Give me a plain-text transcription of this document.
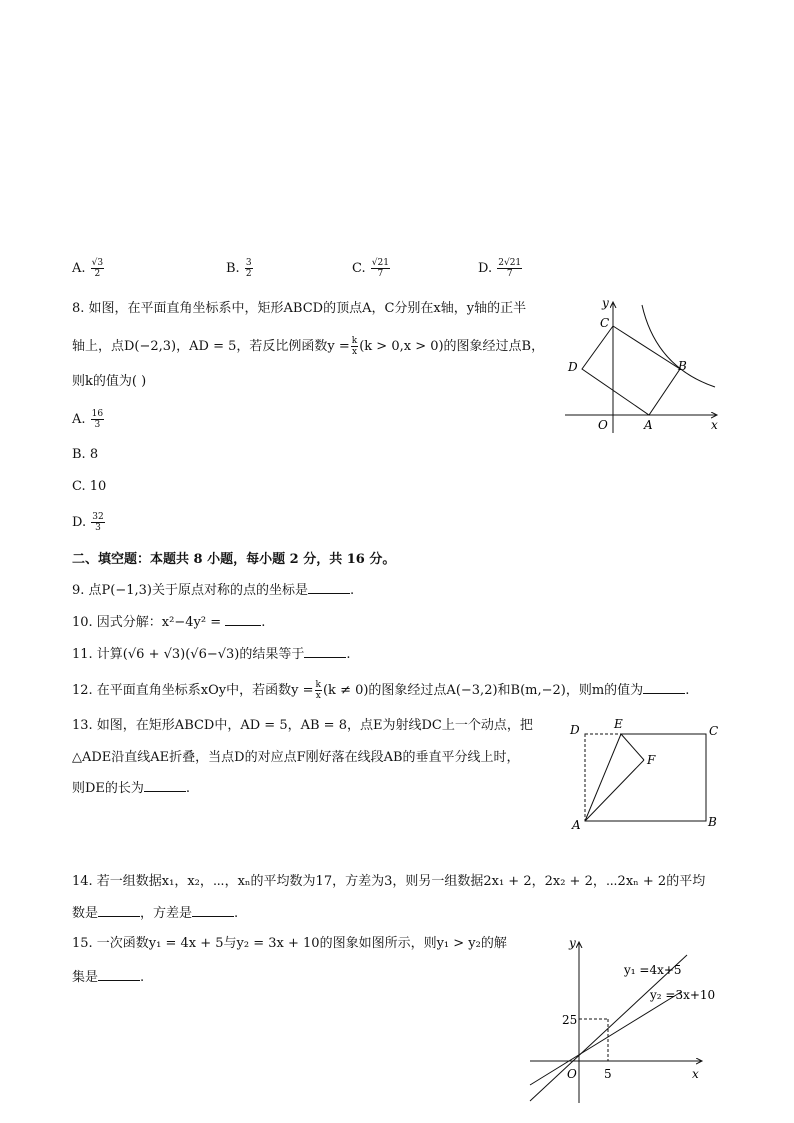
A. $\frac{√3}{2}$	B. $\frac{3}{2}$	C. $\frac{√21}{7}$	D. $\frac{2√21}{7}$
8. 如图，在平面直角坐标系中，矩形ABCD的顶点A，C分别在x轴，y轴的正半
轴上，点D(−2,3)，AD = 5，若反比例函数$y = \frac{k}{x} (k > 0,x > 0)$的图象经过点B，
则k的值为( )
A. $\frac{16}{3}$
B. 8
C. 10
D. $\frac{32}{3}$
y
C
D	B
O	A	x
二、填空题：本题共 8 小题，每小题 2 分，共 16 分。
9. 点P(−1,3)关于原点对称的点的坐标是	.
10. 因式分解：x²−4y² =	.
11. 计算(√6 + √3)(√6−√3)的结果等于	.
12. 在平面直角坐标系xOy中，若函数$y = \frac{k}{x} (k \ne 0)$的图象经过点A(−3,2)和B(m,−2)，则m的值为	.
13. 如图，在矩形ABCD中，AD = 5，AB = 8，点E为射线DC上一个动点，把
△ADE沿直线AE折叠，当点D的对应点F刚好落在线段AB的垂直平分线上时，
则DE的长为	.
D	E	C
F
A	B
14. 若一组数据x₁，x₂，⋯，xₙ的平均数为17，方差为3，则另一组数据2x₁ + 2，2x₂ + 2，⋯2xₙ + 2的平均
数是	，方差是	.
15. 一次函数y₁ = 4x + 5与y₂ = 3x + 10的图象如图所示，则y₁ > y₂的解
集是	.
y
x
O 5
25
y₁ =4x+5
y₂ =3x+10
